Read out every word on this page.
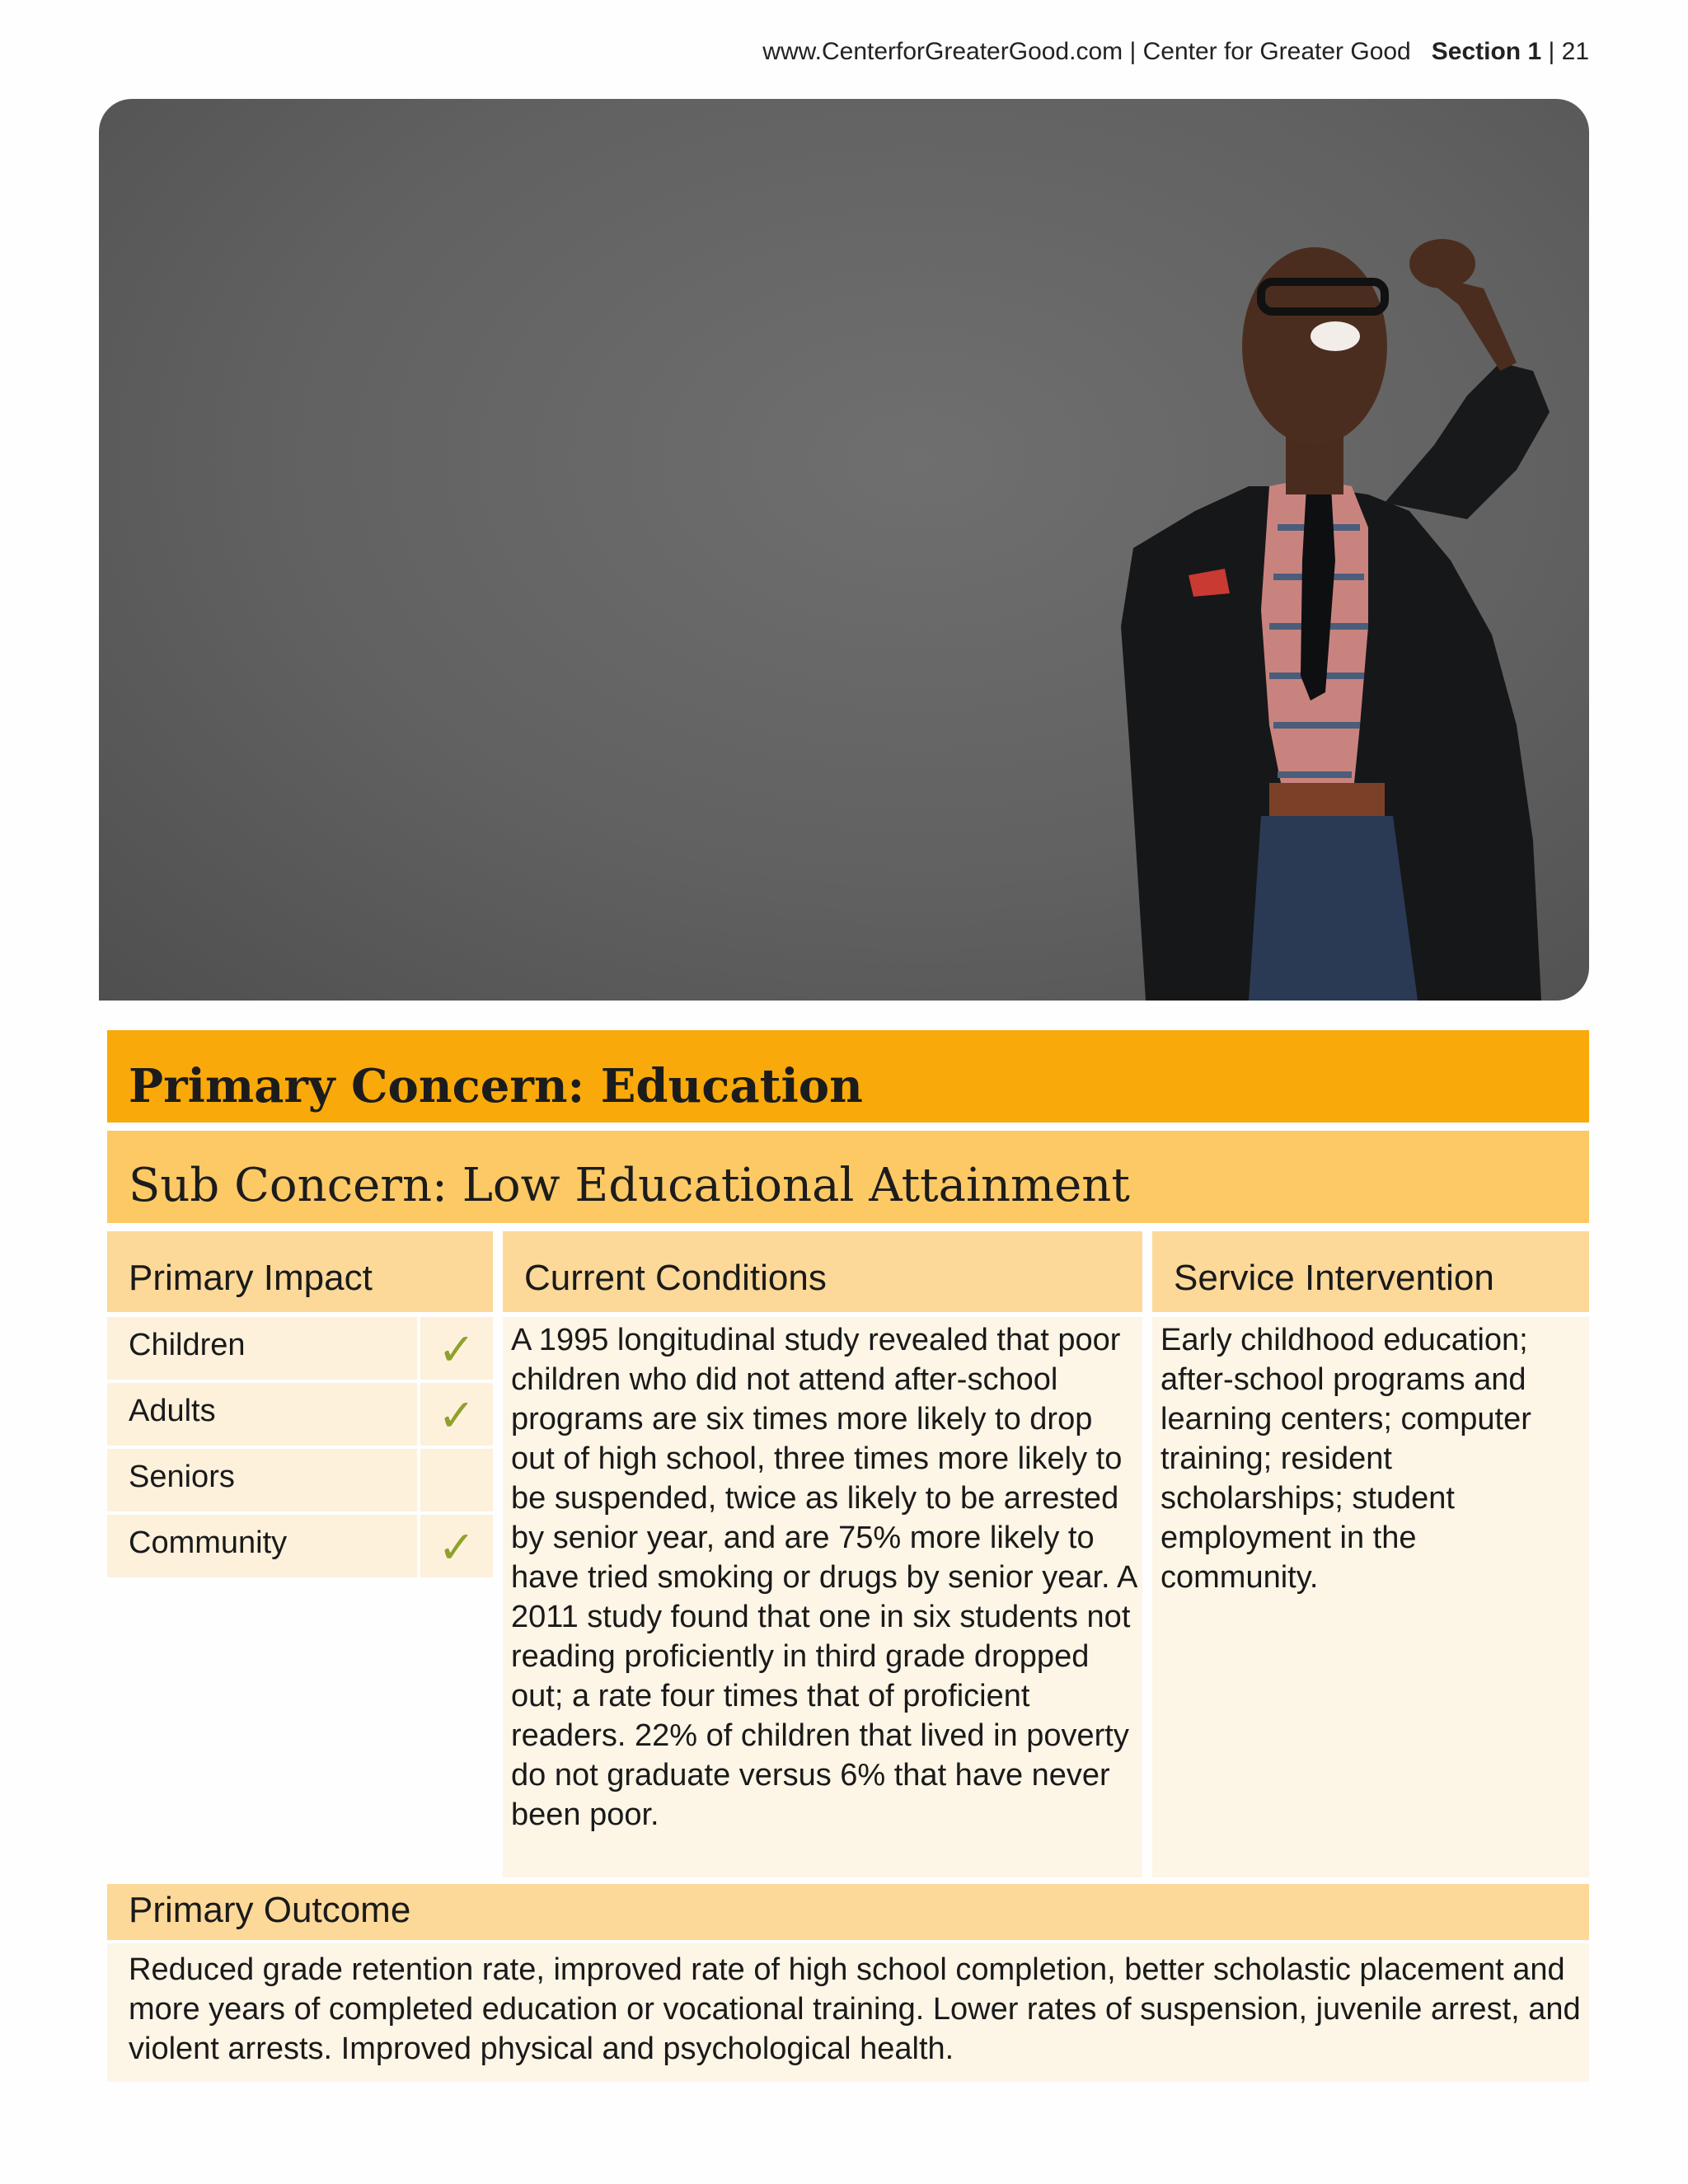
www.CenterforGreaterGood.com | Center for Greater Good Section 1 | 21
Primary Concern: Education
Sub Concern: Low Educational Attainment
Primary Impact	Current Conditions	Service Intervention
Children	✓
Adults	✓
Seniors
Community	✓
A 1995 longitudinal study revealed that poor children who did not attend after-school programs are six times more likely to drop out of high school, three times more likely to be suspended, twice as likely to be arrested by senior year, and are 75% more likely to have tried smoking or drugs by senior year. A 2011 study found that one in six students not reading proficiently in third grade dropped out; a rate four times that of proficient readers. 22% of children that lived in poverty do not graduate versus 6% that have never been poor.
Early childhood education; after-school programs and learning centers; computer training; resident scholarships; student employment in the community.
Primary Outcome
Reduced grade retention rate, improved rate of high school completion, better scholastic placement and more years of completed education or vocational training. Lower rates of suspension, juvenile arrest, and violent arrests. Improved physical and psychological health.
